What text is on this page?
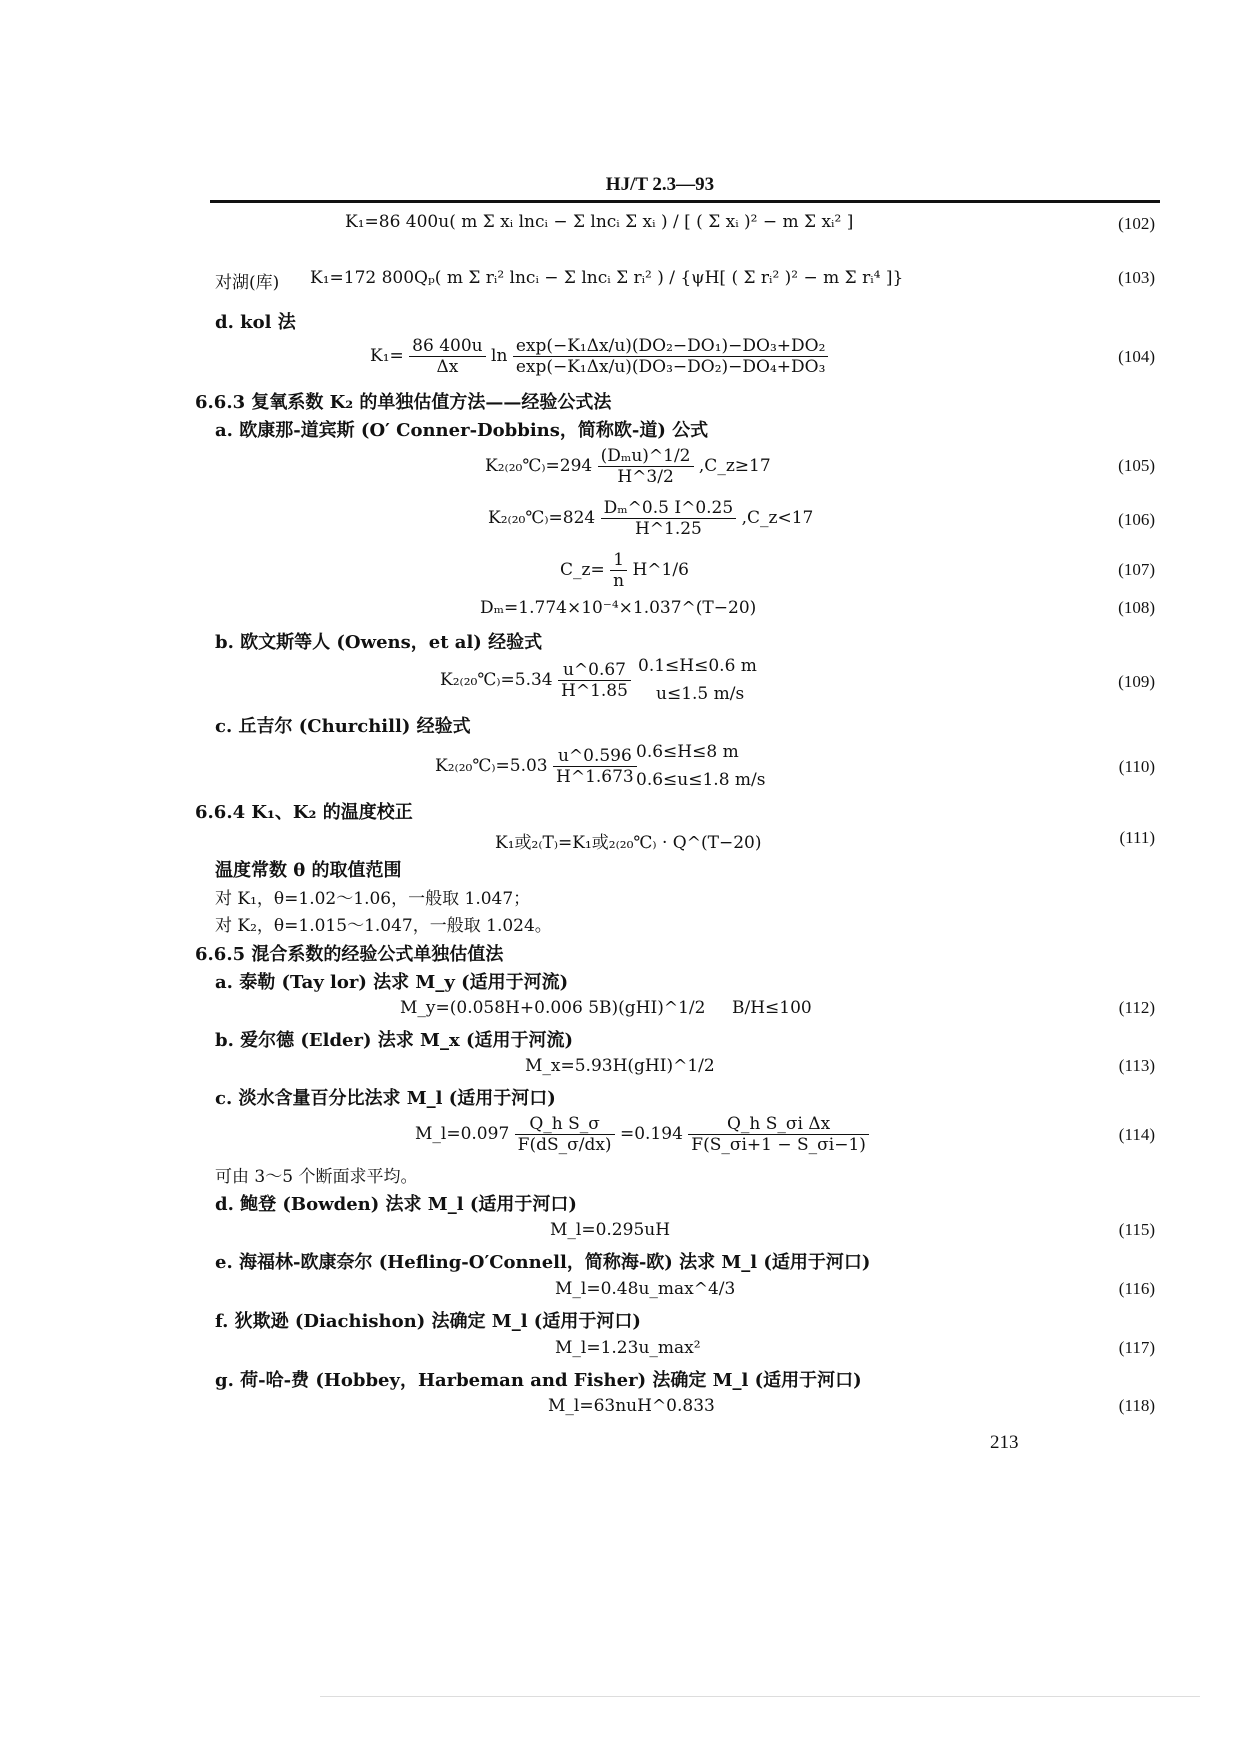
HJ/T 2.3—93
K₁=86 400u( m Σ xᵢ lncᵢ − Σ lncᵢ Σ xᵢ ) / [ ( Σ xᵢ )² − m Σ xᵢ² ]	(102)
对湖(库) K₁=172 800Qₚ( m Σ rᵢ² lncᵢ − Σ lncᵢ Σ rᵢ² ) / {ψH[ ( Σ rᵢ² )² − m Σ rᵢ⁴ ]}	(103)
d. kol 法
$K_1= \frac{86 400u}{\Delta x}$ $\ln \frac{\text{exp(−K₁Δx/u)(DO₂−DO₁)−DO₃+DO₂}}{\text{exp(−K₁Δx/u)(DO₃−DO₂)−DO₄+DO₃}}$	(104)
6.6.3 复氧系数 K₂ 的单独估值方法——经验公式法
a. 欧康那-道宾斯 (O′ Conner-Dobbins，简称欧-道) 公式
K₂₍₂₀℃₎=294 $\frac{\text{(Dₘu)\textasciicircum{}1/2}}{H\^{}3/2}$ ,C_z≥17	(105)
K₂₍₂₀℃₎=824 $\frac{\text{Dₘ\textasciicircum{}0.5 I\textasciicircum{}0.25}}{H\^{}1.25}$ ,C_z<17	(106)
C_z= $\frac{1}{n}$ H^1/6	(107)
Dₘ=1.774×10⁻⁴×1.037^(T−20)	(108)
b. 欧文斯等人 (Owens，et al) 经验式
K₂₍₂₀℃₎=5.34 $\frac{u\^{}0.67}{H\^{}1.85} 0.1\le H\le 0.6$ m
u≤1.5 m/s
(109)
c. 丘吉尔 (Churchill) 经验式
K₂₍₂₀℃₎=5.03 $\frac{u\^{}0.596}{H\^{}1.673} 0.6\le H\le 8$ m
0.6≤u≤1.8 m/s
(110)
6.6.4 K₁、K₂ 的温度校正
K₁或₂₍T₎=K₁或₂₍₂₀℃₎ · Q^(T−20)	(111)
温度常数 θ 的取值范围
对 K₁，θ=1.02～1.06，一般取 1.047；
对 K₂，θ=1.015～1.047，一般取 1.024。
6.6.5 混合系数的经验公式单独估值法
a. 泰勒 (Tay lor) 法求 M_y (适用于河流)
M_y=(0.058H+0.006 5B)(gHI)^1/2 B/H≤100	(112)
b. 爱尔德 (Elder) 法求 M_x (适用于河流)
M_x=5.93H(gHI)^1/2	(113)
c. 淡水含量百分比法求 M_l (适用于河口)
M_l=0.097 $\frac{\text{Q\_h S\_σ}}{F(dS\_\sigma/dx)} =0.194 \frac{\text{Q\_h S\_σi Δx}}{F(S\_\sigma i+1 - S\_\sigma i-1)}$	(114)
可由 3～5 个断面求平均。
d. 鲍登 (Bowden) 法求 M_l (适用于河口)
M_l=0.295uH	(115)
e. 海福林-欧康奈尔 (Hefling-O′Connell，简称海-欧) 法求 M_l (适用于河口)
M_l=0.48u_max^4/3	(116)
f. 狄欺逊 (Diachishon) 法确定 M_l (适用于河口)
M_l=1.23u_max²	(117)
g. 荷-哈-费 (Hobbey，Harbeman and Fisher) 法确定 M_l (适用于河口)
M_l=63nuH^0.833	(118)
213
